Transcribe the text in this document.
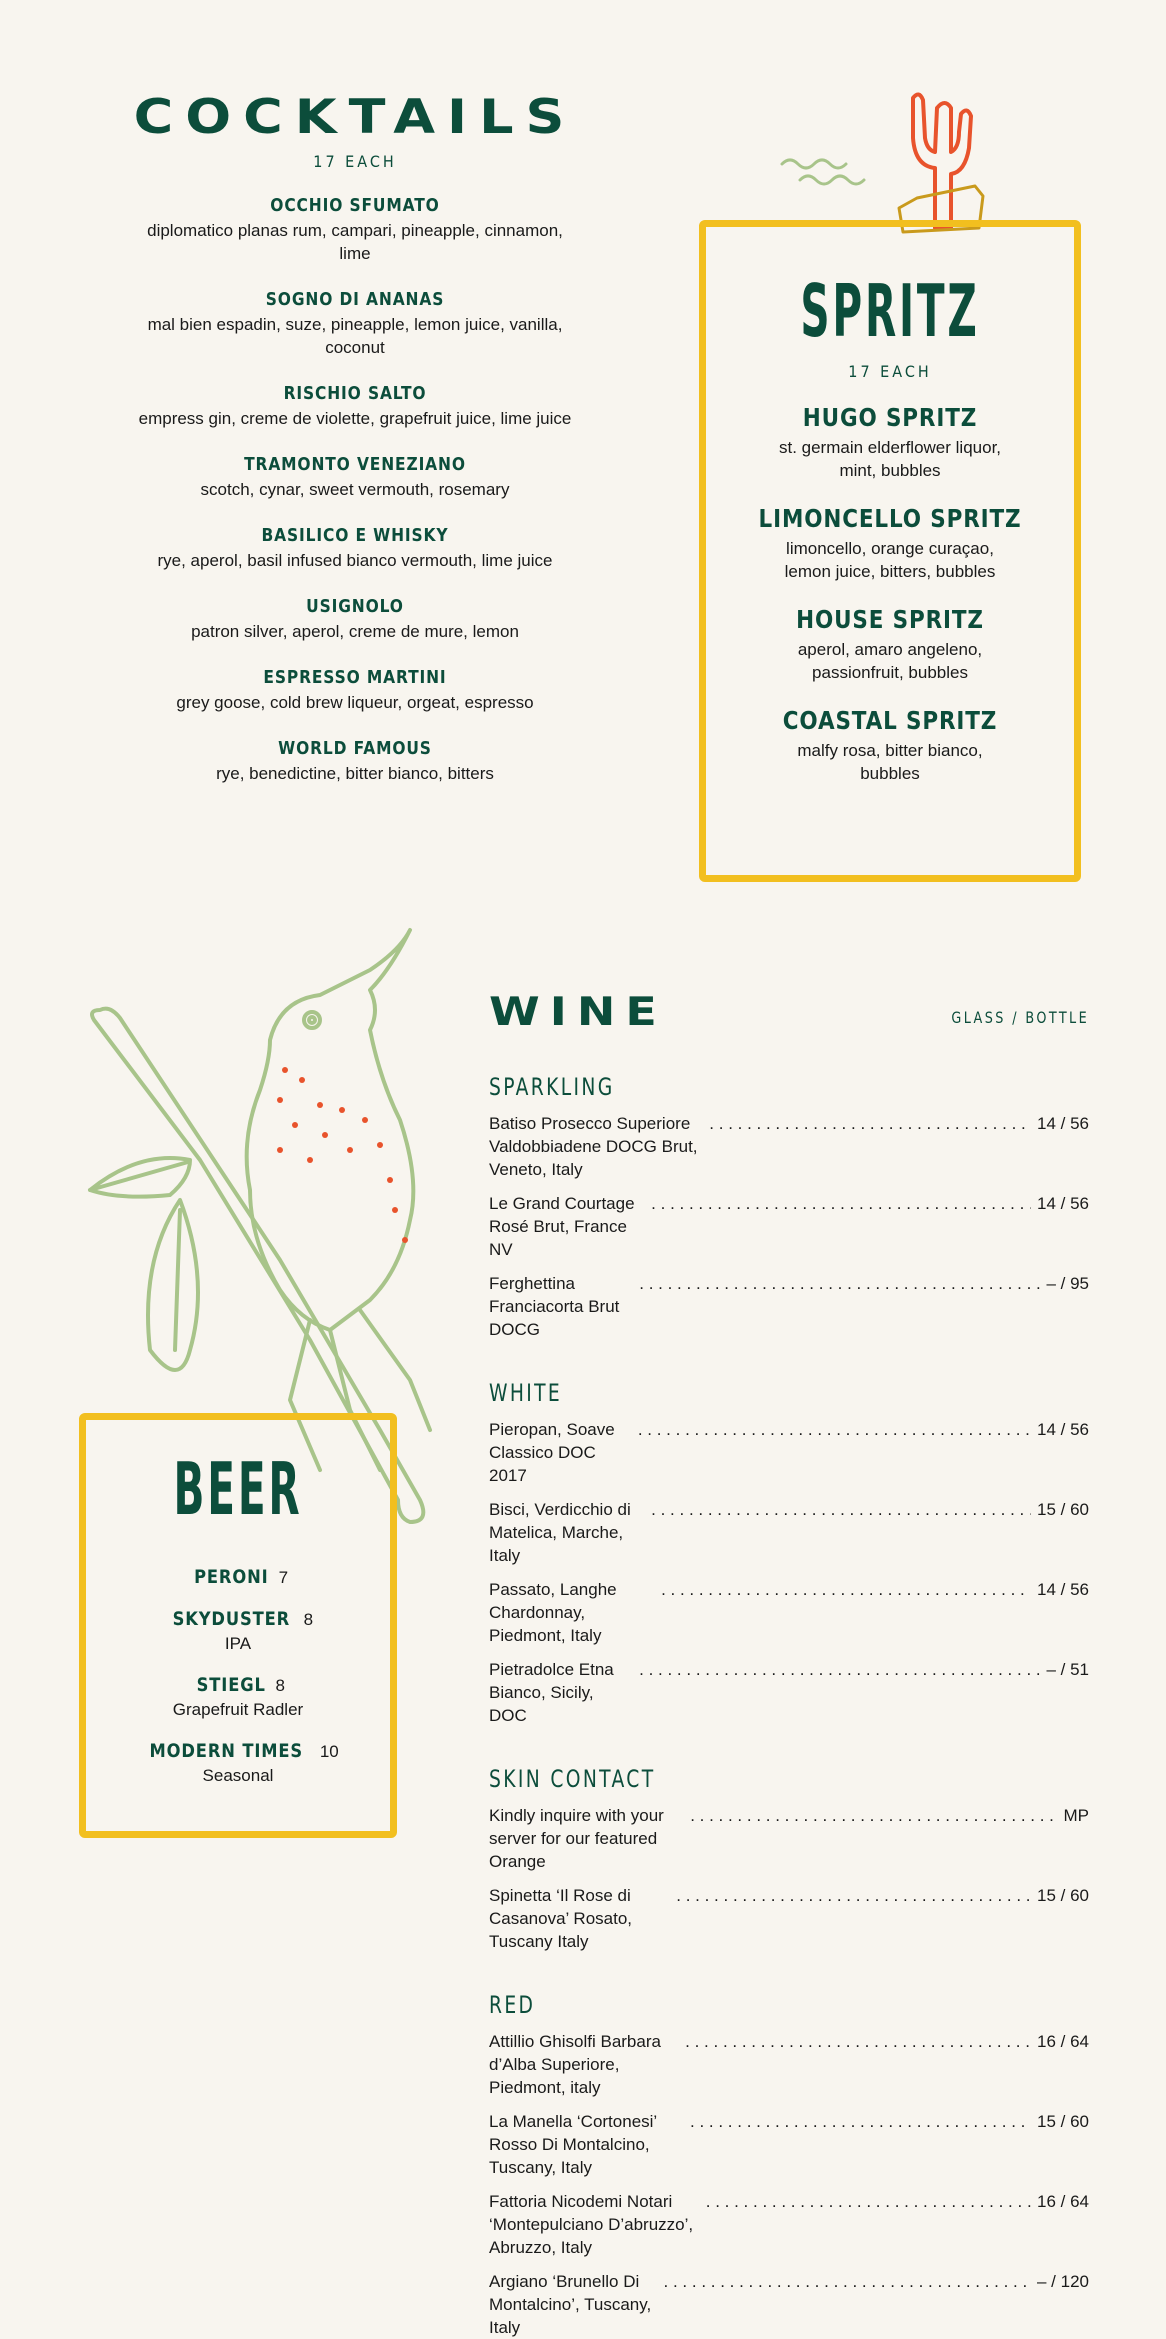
COCKTAILS
17 EACH
OCCHIO SFUMATO
diplomatico planas rum, campari, pineapple, cinnamon, lime
SOGNO DI ANANAS
mal bien espadin, suze, pineapple, lemon juice, vanilla, coconut
RISCHIO SALTO
empress gin, creme de violette, grapefruit juice, lime juice
TRAMONTO VENEZIANO
scotch, cynar, sweet vermouth, rosemary
BASILICO E WHISKY
rye, aperol, basil infused bianco vermouth, lime juice
USIGNOLO
patron silver, aperol, creme de mure, lemon
ESPRESSO MARTINI
grey goose, cold brew liqueur, orgeat, espresso
WORLD FAMOUS
rye, benedictine, bitter bianco, bitters
SPRITZ
17 EACH
HUGO SPRITZ
st. germain elderflower liquor, mint, bubbles
LIMONCELLO SPRITZ
limoncello, orange curaçao, lemon juice, bitters, bubbles
HOUSE SPRITZ
aperol, amaro angeleno, passionfruit, bubbles
COASTAL SPRITZ
malfy rosa, bitter bianco, bubbles
WINE	GLASS / BOTTLE
SPARKLING
Batiso Prosecco Superiore Valdobbiadene DOCG Brut, Veneto, Italy
. . .
14 / 56
Le Grand Courtage Rosé Brut, France NV
. . .
14 / 56
Ferghettina Franciacorta Brut DOCG
. . .
– / 95
WHITE
Pieropan, Soave Classico DOC 2017
. . .
14 / 56
Bisci, Verdicchio di Matelica, Marche, Italy
. . .
15 / 60
Passato, Langhe Chardonnay, Piedmont, Italy
. . .
14 / 56
Pietradolce Etna Bianco, Sicily, DOC
. . .
– / 51
SKIN CONTACT
Kindly inquire with your server for our featured Orange
. . .
MP
Spinetta ‘Il Rose di Casanova’ Rosato, Tuscany Italy
. . .
15 / 60
RED
Attillio Ghisolfi Barbara d’Alba Superiore, Piedmont, italy
. . .
16 / 64
La Manella ‘Cortonesi’ Rosso Di Montalcino, Tuscany, Italy
. . .
15 / 60
Fattoria Nicodemi Notari ‘Montepulciano D’abruzzo’, Abruzzo, Italy
. . .
16 / 64
Argiano ‘Brunello Di Montalcino’, Tuscany, Italy
. . .
– / 120
BEER
PERONI 7
SKYDUSTER 8
IPA
STIEGL 8
Grapefruit Radler
MODERN TIMES 10
Seasonal
